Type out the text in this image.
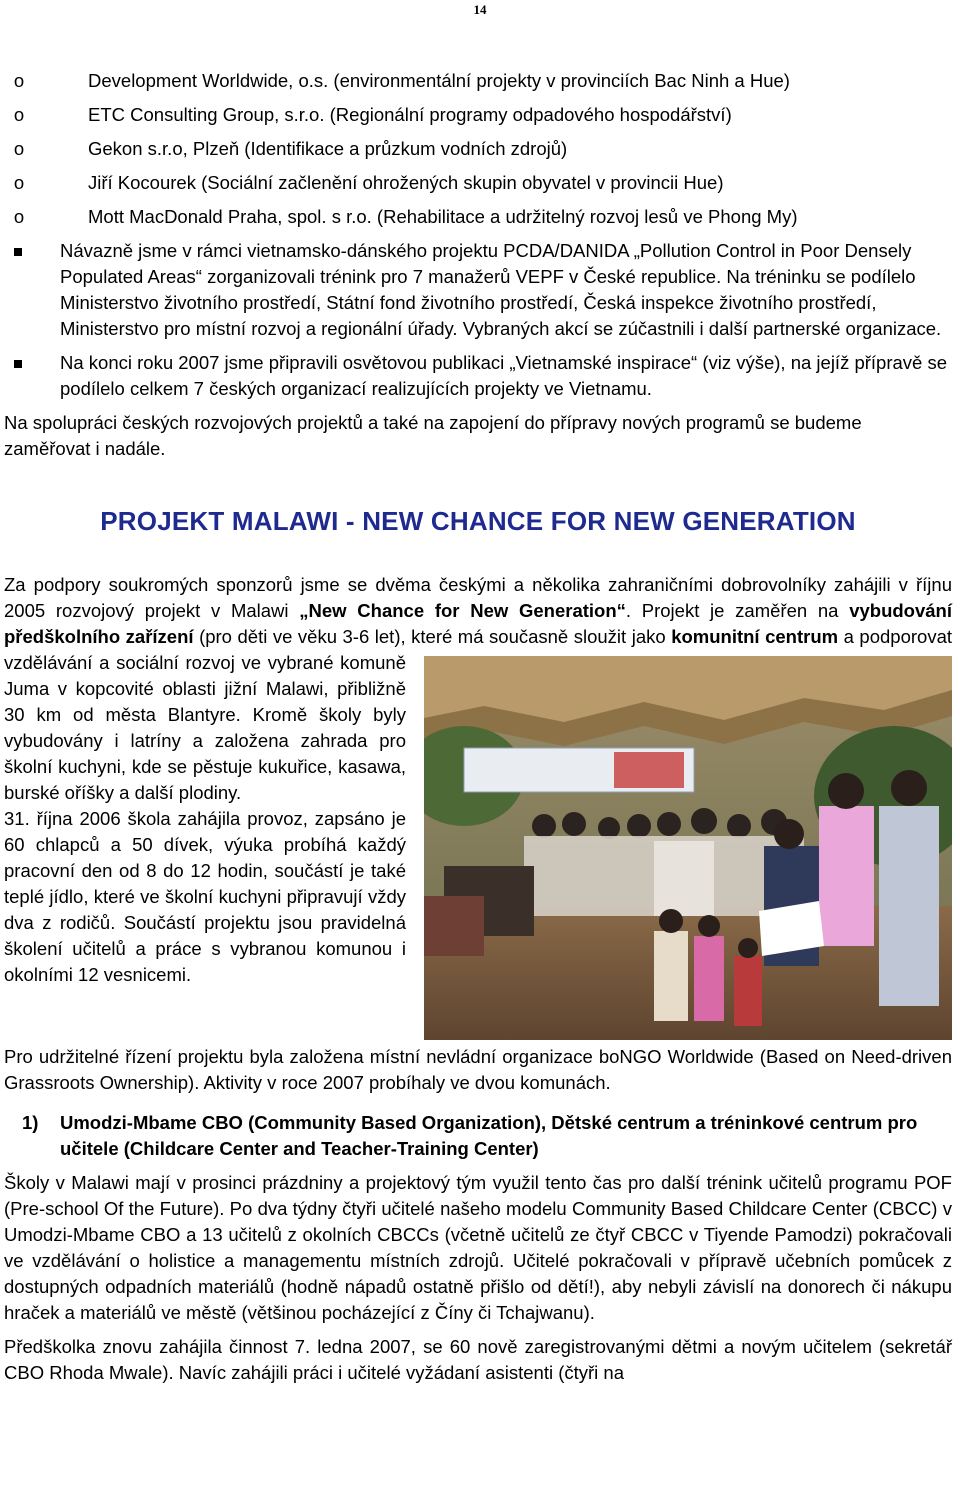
14
o	Development Worldwide, o.s. (environmentální projekty v provinciích Bac Ninh a Hue)
o	ETC Consulting Group, s.r.o. (Regionální programy odpadového hospodářství)
o	Gekon s.r.o, Plzeň (Identifikace a průzkum vodních zdrojů)
o	Jiří Kocourek (Sociální začlenění ohrožených skupin obyvatel v provincii Hue)
o	Mott MacDonald Praha, spol. s r.o. (Rehabilitace a udržitelný rozvoj lesů ve Phong My)
Návazně jsme v rámci vietnamsko-dánského projektu PCDA/DANIDA „Pollution Control in Poor Densely Populated Areas“ zorganizovali trénink pro 7 manažerů VEPF v České republice. Na tréninku se podílelo Ministerstvo životního prostředí, Státní fond životního prostředí, Česká inspekce životního prostředí, Ministerstvo pro místní rozvoj a regionální úřady. Vybraných akcí se zúčastnili i další partnerské organizace.
Na konci roku 2007 jsme připravili osvětovou publikaci „Vietnamské inspirace“ (viz výše), na jejíž přípravě se podílelo celkem 7 českých organizací realizujících projekty ve Vietnamu.

Na spolupráci českých rozvojových projektů a také na zapojení do přípravy nových programů se budeme zaměřovat i nadále.

PROJEKT MALAWI - NEW CHANCE FOR NEW GENERATION

Za podpory soukromých sponzorů jsme se dvěma českými a několika zahraničními dobrovolníky zahájili v říjnu 2005 rozvojový projekt v Malawi „New Chance for New Generation“. Projekt je zaměřen na vybudování předškolního zařízení (pro děti ve věku 3-6 let), které má současně sloužit jako komunitní centrum
a podporovat vzdělávání a sociální rozvoj ve vybrané komuně Juma v kopcovité oblasti jižní Malawi, přibližně 30 km od města Blantyre. Kromě školy byly vybudovány i latríny a založena zahrada pro školní kuchyni, kde se pěstuje kukuřice, kasawa, burské oříšky a další plodiny.

31. října 2006 škola zahájila provoz, zapsáno je 60 chlapců a 50 dívek, výuka probíhá každý pracovní den od 8 do 12 hodin, součástí je také teplé jídlo, které ve školní kuchyni připravují vždy dva z rodičů. Součástí projektu jsou pravidelná školení učitelů a práce s vybranou komunou i okolními 12 vesnicemi.

Pro udržitelné řízení projektu byla založena místní nevládní organizace boNGO Worldwide (Based on Need-driven Grassroots Ownership). Aktivity v roce 2007 probíhaly ve dvou komunách.

1) Umodzi-Mbame CBO (Community Based Organization), Dětské centrum a tréninkové centrum pro učitele (Childcare Center and Teacher-Training Center)

Školy v Malawi mají v prosinci prázdniny a projektový tým využil tento čas pro další trénink učitelů programu POF (Pre-school Of the Future). Po dva týdny čtyři učitelé našeho modelu Community Based Childcare Center (CBCC) v Umodzi-Mbame CBO a 13 učitelů z okolních CBCCs (včetně učitelů ze čtyř CBCC v Tiyende Pamodzi) pokračovali ve vzdělávání o holistice a managementu místních zdrojů. Učitelé pokračovali v přípravě učebních pomůcek z dostupných odpadních materiálů (hodně nápadů ostatně přišlo od dětí!), aby nebyli závislí na donorech či nákupu hraček a materiálů ve městě (většinou pocházející z Číny či Tchajwanu).

Předškolka znovu zahájila činnost 7. ledna 2007, se 60 nově zaregistrovanými dětmi a novým učitelem (sekretář CBO Rhoda Mwale). Navíc zahájili práci i učitelé vyžádaní asistenti (čtyři na
